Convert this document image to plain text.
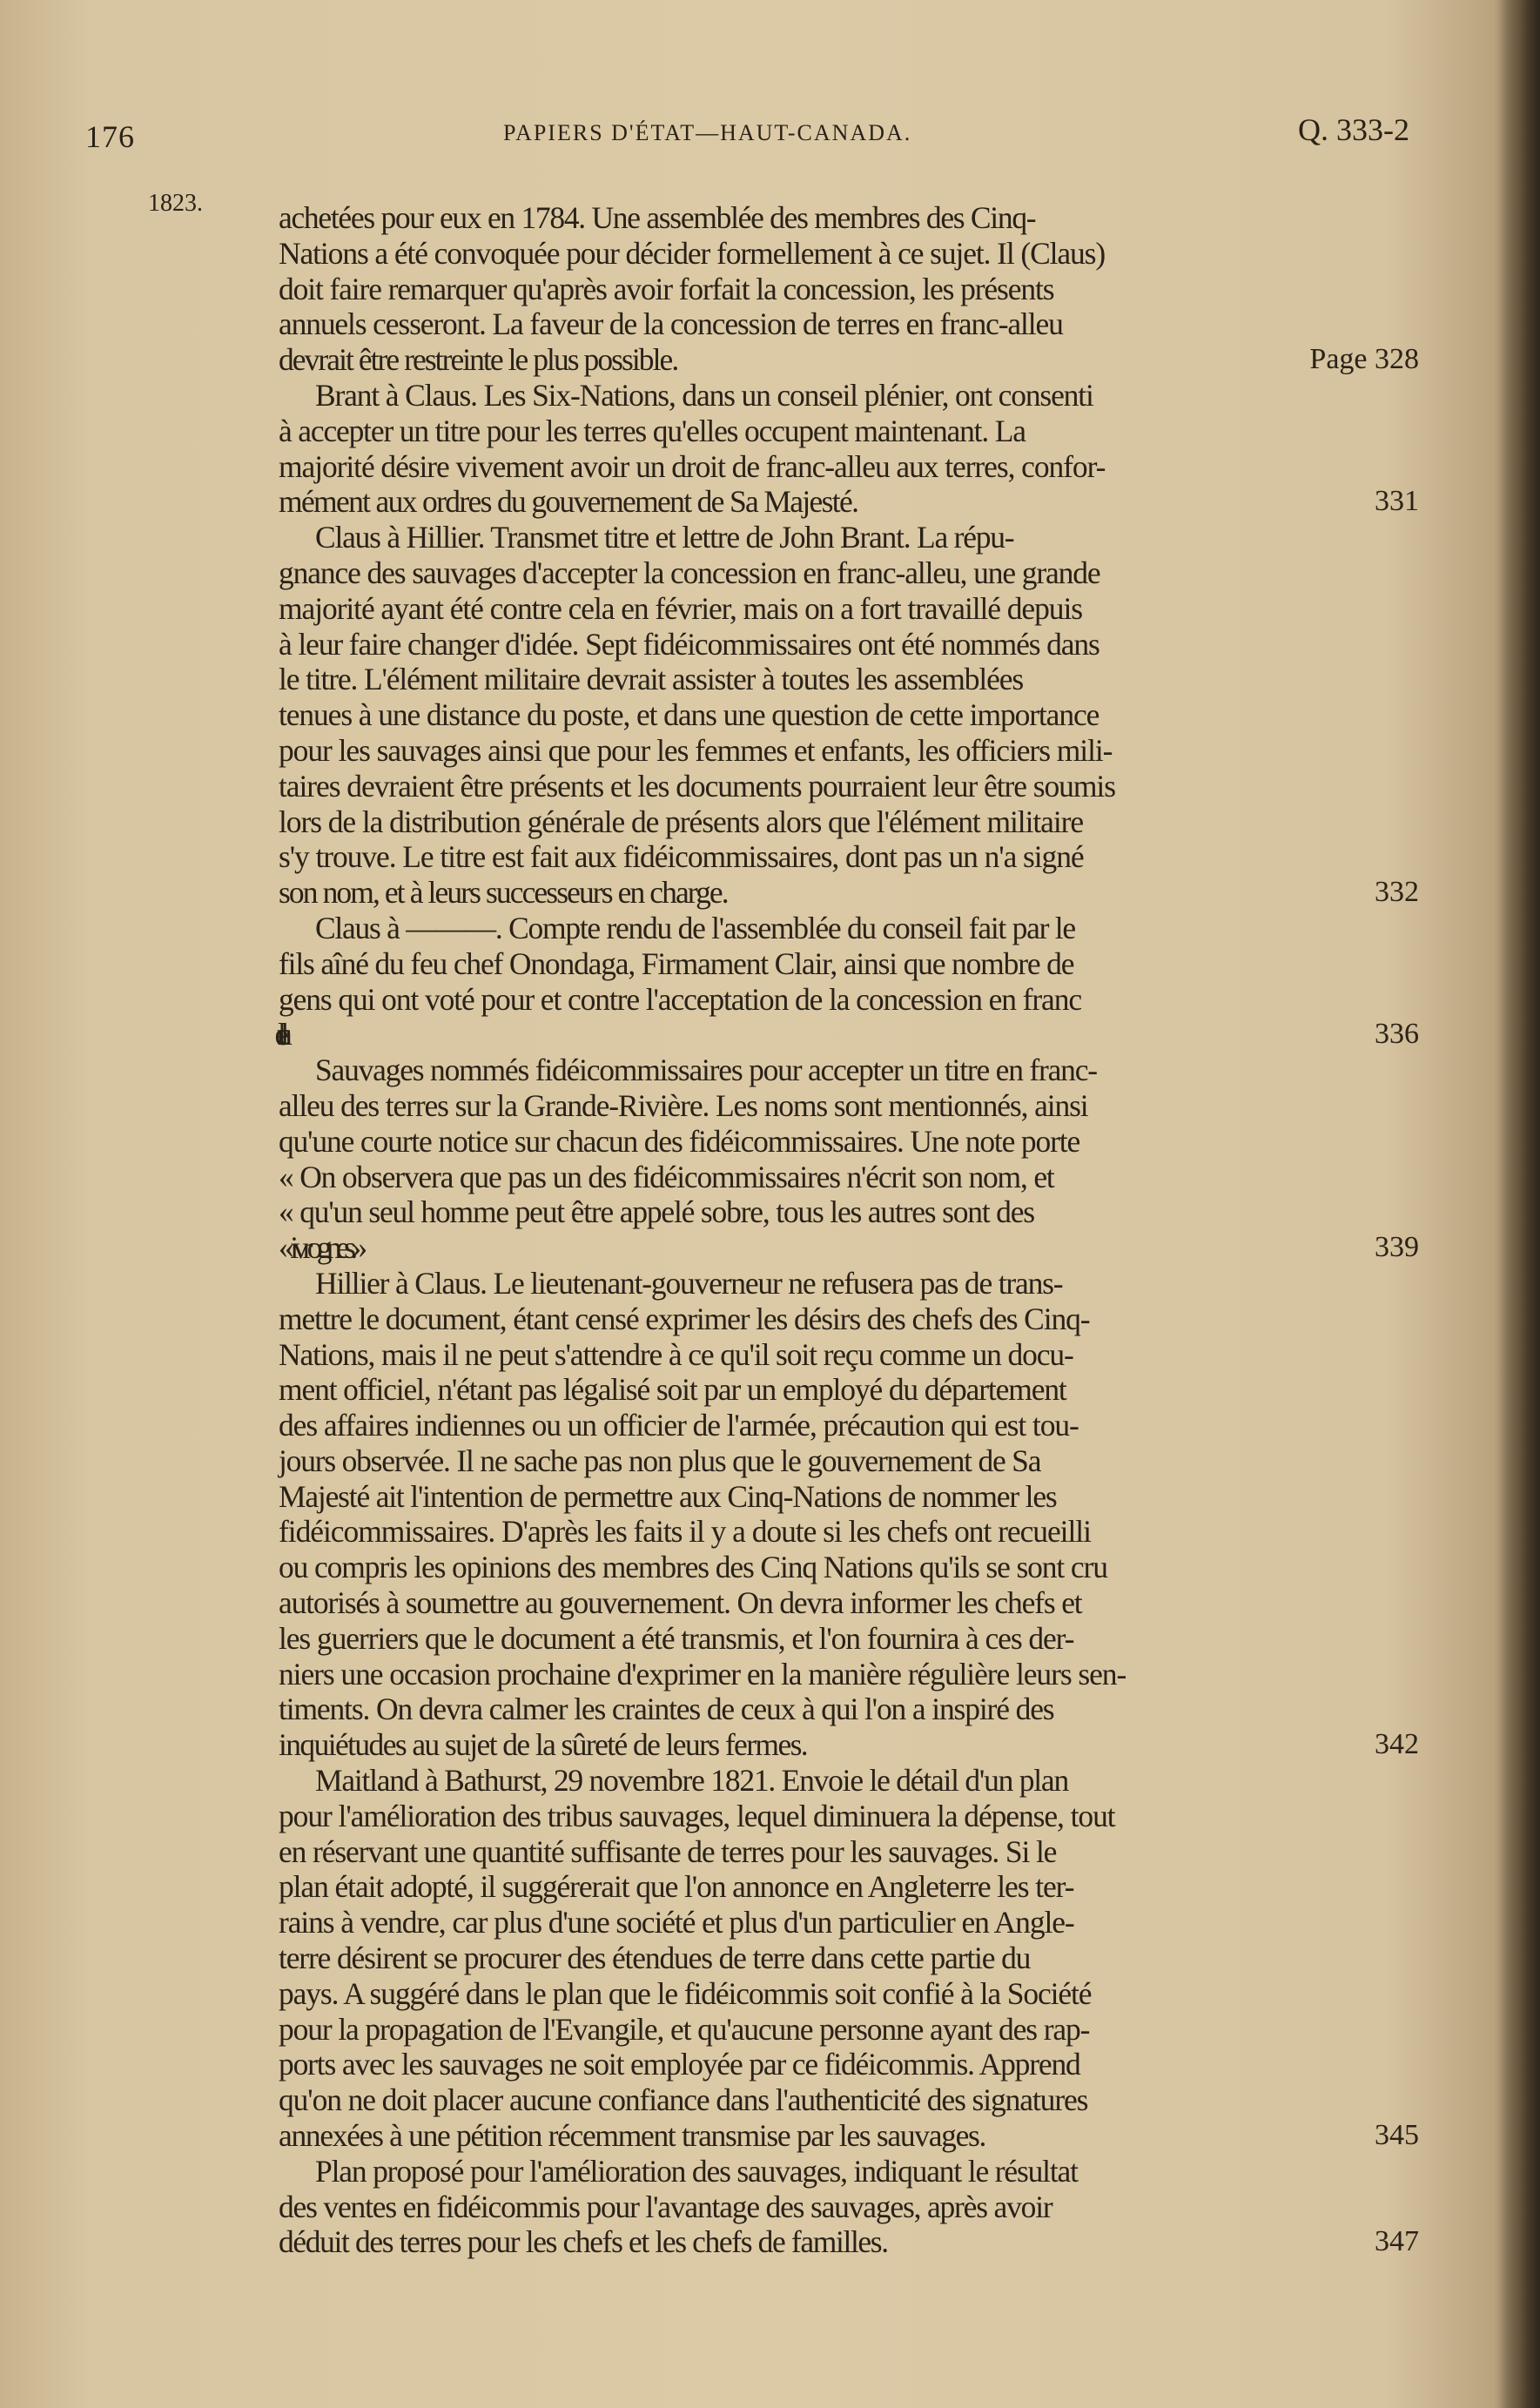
176	PAPIERS D'ÉTAT—HAUT-CANADA.	Q. 333-2
1823. achetées pour eux en 1784. Une assemblée des membres des Cinq-
Nations a été convoquée pour décider formellement à ce sujet. Il (Claus)
doit faire remarquer qu'après avoir forfait la concession, les présents
annuels cesseront. La faveur de la concession de terres en franc-alleu
devrait être restreinte le plus possible.	Page 328
Brant à Claus. Les Six-Nations, dans un conseil plénier, ont consenti
à accepter un titre pour les terres qu'elles occupent maintenant. La
majorité désire vivement avoir un droit de franc-alleu aux terres, confor-
mément aux ordres du gouvernement de Sa Majesté.	331
Claus à Hillier. Transmet titre et lettre de John Brant. La répu-
gnance des sauvages d'accepter la concession en franc-alleu, une grande
majorité ayant été contre cela en février, mais on a fort travaillé depuis
à leur faire changer d'idée. Sept fidéicommissaires ont été nommés dans
le titre. L'élément militaire devrait assister à toutes les assemblées
tenues à une distance du poste, et dans une question de cette importance
pour les sauvages ainsi que pour les femmes et enfants, les officiers mili-
taires devraient être présents et les documents pourraient leur être soumis
lors de la distribution générale de présents alors que l'élément militaire
s'y trouve. Le titre est fait aux fidéicommissaires, dont pas un n'a signé
son nom, et à leurs successeurs en charge.	332
Claus à ———. Compte rendu de l'assemblée du conseil fait par le
fils aîné du feu chef Onondaga, Firmament Clair, ainsi que nombre de
gens qui ont voté pour et contre l'acceptation de la concession en franc
336
Sauvages nommés fidéicommissaires pour accepter un titre en franc-
alleu des terres sur la Grande-Rivière. Les noms sont mentionnés, ainsi
qu'une courte notice sur chacun des fidéicommissaires. Une note porte
« On observera que pas un des fidéicommissaires n'écrit son nom, et
« qu'un seul homme peut être appelé sobre, tous les autres sont des
« ivrognes.»	339
Hillier à Claus. Le lieutenant-gouverneur ne refusera pas de trans-
mettre le document, étant censé exprimer les désirs des chefs des Cinq-
Nations, mais il ne peut s'attendre à ce qu'il soit reçu comme un docu-
ment officiel, n'étant pas légalisé soit par un employé du département
des affaires indiennes ou un officier de l'armée, précaution qui est tou-
jours observée. Il ne sache pas non plus que le gouvernement de Sa
Majesté ait l'intention de permettre aux Cinq-Nations de nommer les
fidéicommissaires. D'après les faits il y a doute si les chefs ont recueilli
ou compris les opinions des membres des Cinq Nations qu'ils se sont cru
autorisés à soumettre au gouvernement. On devra informer les chefs et
les guerriers que le document a été transmis, et l'on fournira à ces der-
niers une occasion prochaine d'exprimer en la manière régulière leurs sen-
timents. On devra calmer les craintes de ceux à qui l'on a inspiré des
inquiétudes au sujet de la sûreté de leurs fermes.	342
Maitland à Bathurst, 29 novembre 1821. Envoie le détail d'un plan
pour l'amélioration des tribus sauvages, lequel diminuera la dépense, tout
en réservant une quantité suffisante de terres pour les sauvages. Si le
plan était adopté, il suggérerait que l'on annonce en Angleterre les ter-
rains à vendre, car plus d'une société et plus d'un particulier en Angle-
terre désirent se procurer des étendues de terre dans cette partie du
pays. A suggéré dans le plan que le fidéicommis soit confié à la Société
pour la propagation de l'Evangile, et qu'aucune personne ayant des rap-
ports avec les sauvages ne soit employée par ce fidéicommis. Apprend
qu'on ne doit placer aucune confiance dans l'authenticité des signatures
annexées à une pétition récemment transmise par les sauvages.	345
Plan proposé pour l'amélioration des sauvages, indiquant le résultat
des ventes en fidéicommis pour l'avantage des sauvages, après avoir
déduit des terres pour les chefs et les chefs de familles.	347
